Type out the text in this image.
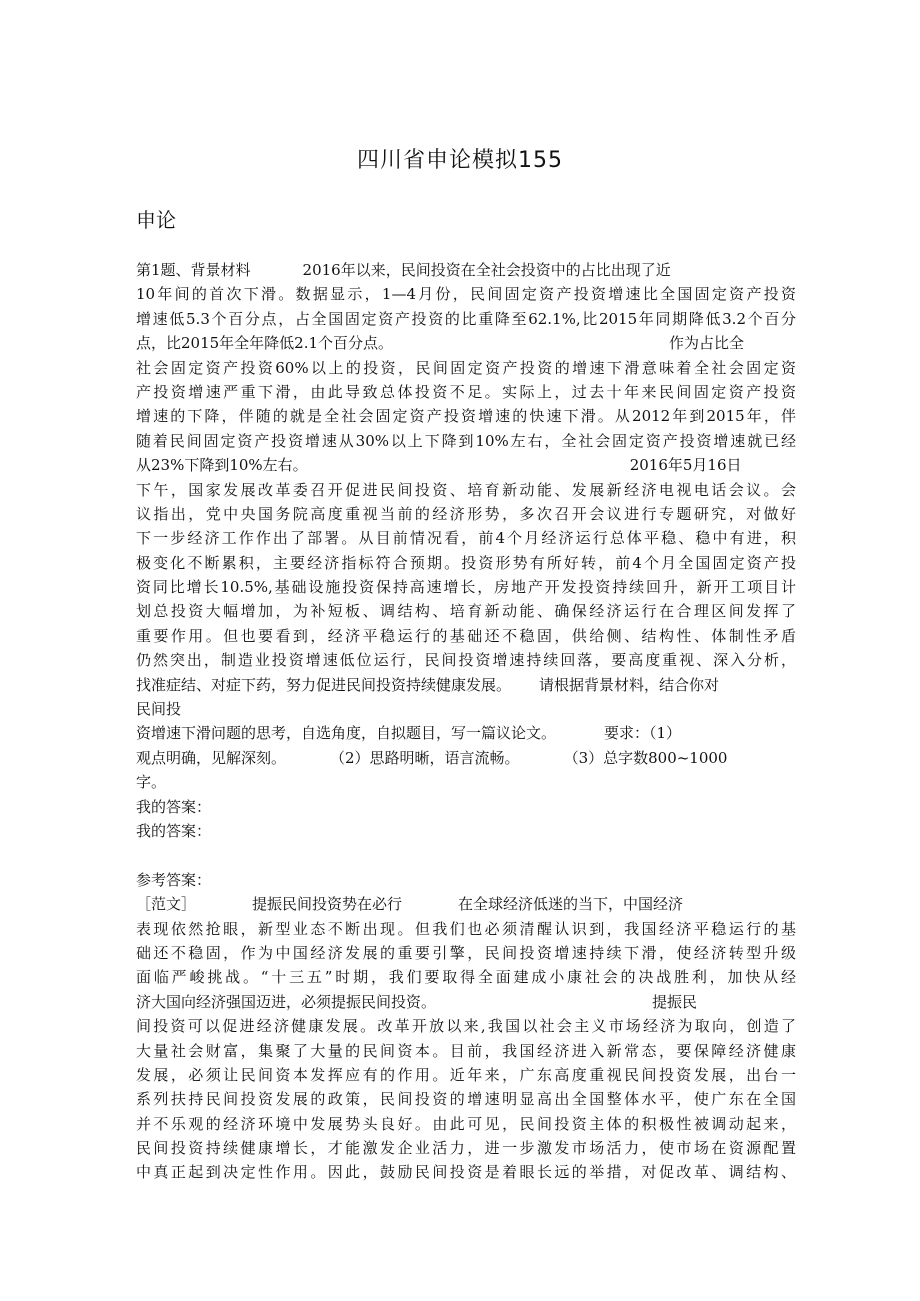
四川省申论模拟155
申论
第1题、背景材料	2016年以来，民间投资在全社会投资中的占比出现了近
10年间的首次下滑。数据显示，1—4月份，民间固定资产投资增速比全国固定资产投资
增速低5.3个百分点，占全国固定资产投资的比重降至62.1%,比2015年同期降低3.2个百分
点，比2015年全年降低2.1个百分点。	作为占比全
社会固定资产投资60%以上的投资，民间固定资产投资的增速下滑意味着全社会固定资
产投资增速严重下滑，由此导致总体投资不足。实际上，过去十年来民间固定资产投资
增速的下降，伴随的就是全社会固定资产投资增速的快速下滑。从2012年到2015年，伴
随着民间固定资产投资增速从30%以上下降到10%左右，全社会固定资产投资增速就已经
从23%下降到10%左右。	2016年5月16日
下午，国家发展改革委召开促进民间投资、培育新动能、发展新经济电视电话会议。会
议指出，党中央国务院高度重视当前的经济形势，多次召开会议进行专题研究，对做好
下一步经济工作作出了部署。从目前情况看，前4个月经济运行总体平稳、稳中有进，积
极变化不断累积，主要经济指标符合预期。投资形势有所好转，前4个月全国固定资产投
资同比增长10.5%,基础设施投资保持高速增长，房地产开发投资持续回升，新开工项目计
划总投资大幅增加，为补短板、调结构、培育新动能、确保经济运行在合理区间发挥了
重要作用。但也要看到，经济平稳运行的基础还不稳固，供给侧、结构性、体制性矛盾
仍然突出，制造业投资增速低位运行，民间投资增速持续回落，要高度重视、深入分析，
找准症结、对症下药，努力促进民间投资持续健康发展。 请根据背景材料，结合你对
民间投
资增速下滑问题的思考，自选角度，自拟题目，写一篇议论文。	要求：（1）
观点明确，见解深刻。	（2）思路明晰，语言流畅。	（3）总字数800~1000
字。
我的答案：
我的答案：
参考答案：
［范文］	提振民间投资势在必行	在全球经济低迷的当下，中国经济
表现依然抢眼，新型业态不断出现。但我们也必须清醒认识到，我国经济平稳运行的基
础还不稳固，作为中国经济发展的重要引擎，民间投资增速持续下滑，使经济转型升级
面临严峻挑战。“十三五”时期，我们要取得全面建成小康社会的决战胜利，加快从经
济大国向经济强国迈进，必须提振民间投资。	提振民
间投资可以促进经济健康发展。改革开放以来,我国以社会主义市场经济为取向，创造了
大量社会财富，集聚了大量的民间资本。目前，我国经济进入新常态，要保障经济健康
发展，必须让民间资本发挥应有的作用。近年来，广东高度重视民间投资发展，出台一
系列扶持民间投资发展的政策，民间投资的增速明显高出全国整体水平，使广东在全国
并不乐观的经济环境中发展势头良好。由此可见，民间投资主体的积极性被调动起来，
民间投资持续健康增长，才能激发企业活力，进一步激发市场活力，使市场在资源配置
中真正起到决定性作用。因此，鼓励民间投资是着眼长远的举措，对促改革、调结构、
